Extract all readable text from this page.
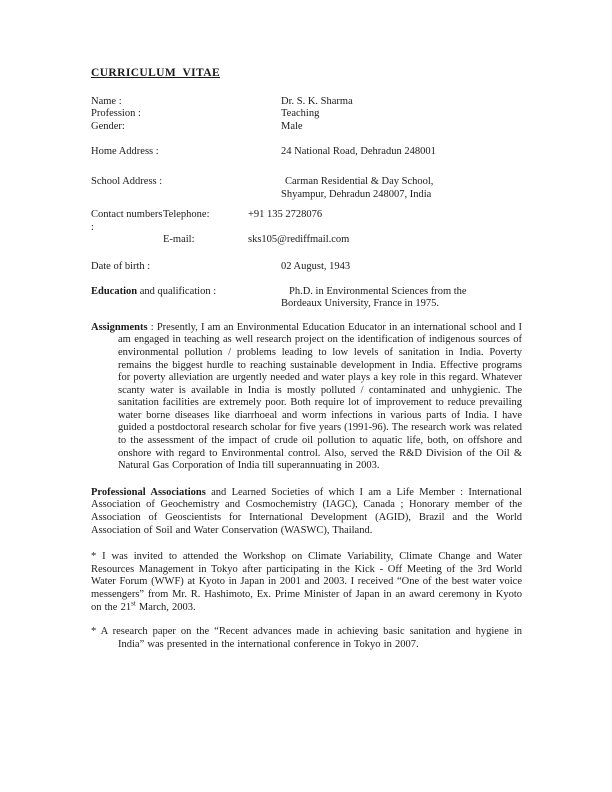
CURRICULUM  VITAE
Name :	Dr. S. K. Sharma
Profession :	Teaching
Gender:	Male
Home Address :	24 National Road, Dehradun 248001
School Address :	Carman Residential & Day School,
Shyampur, Dehradun 248007, India
Contact numbers :
Telephone:	+91 135 2728076
E-mail:	sks105@rediffmail.com
Date of birth :	02 August, 1943
Education and qualification :	Ph.D. in Environmental Sciences from the
Bordeaux University, France in 1975.

Assignments : Presently, I am an Environmental Education Educator in an international school and I am engaged in teaching as well research project on the identification of indigenous sources of environmental pollution / problems leading to low levels of sanitation in India. Poverty remains the biggest hurdle to reaching sustainable development in India. Effective programs for poverty alleviation are urgently needed and water plays a key role in this regard. Whatever scanty water is available in India is mostly polluted / contaminated and unhygienic. The sanitation facilities are extremely poor. Both require lot of improvement to reduce prevailing water borne diseases like diarrhoeal and worm infections in various parts of India. I have guided a postdoctoral research scholar for five years (1991-96). The research work was related to the assessment of the impact of crude oil pollution to aquatic life, both, on offshore and onshore with regard to Environmental control. Also, served the R&D Division of the Oil & Natural Gas Corporation of India till superannuating in 2003.

Professional Associations and Learned Societies of which I am a Life Member : International Association of Geochemistry and Cosmochemistry (IAGC), Canada ; Honorary member of the Association of Geoscientists for International Development (AGID), Brazil and the World Association of Soil and Water Conservation (WASWC), Thailand.

* I was invited to attended the Workshop on Climate Variability, Climate Change and Water Resources Management in Tokyo after participating in the Kick - Off Meeting of the 3rd World Water Forum (WWF) at Kyoto in Japan in 2001 and 2003. I received “One of the best water voice messengers” from Mr. R. Hashimoto, Ex. Prime Minister of Japan in an award ceremony in Kyoto on the 21st March, 2003.

* A research paper on the “Recent advances made in achieving basic sanitation and hygiene in India” was presented in the international conference in Tokyo in 2007.
